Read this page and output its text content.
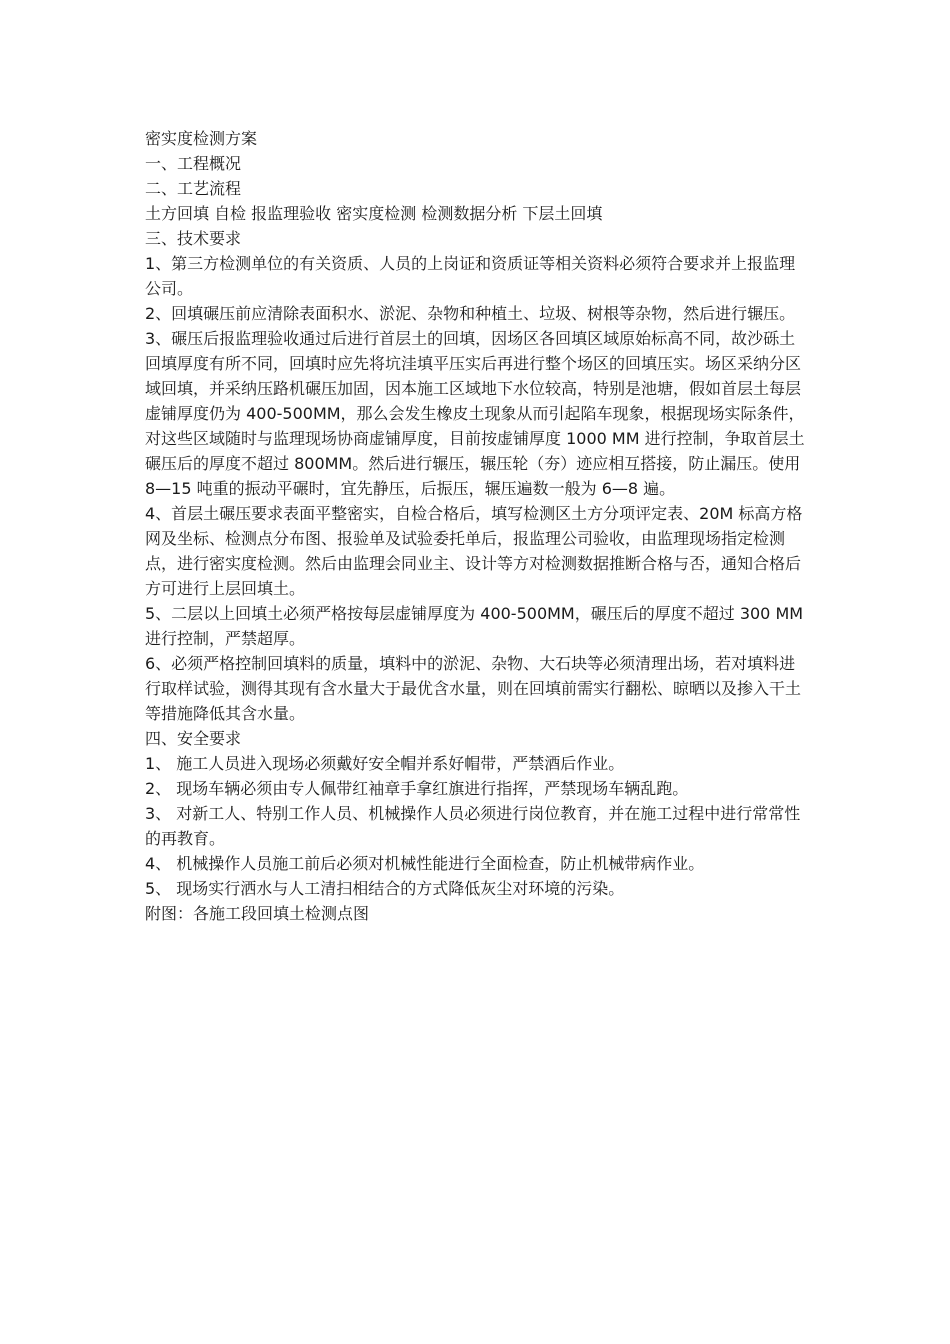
密实度检测方案

一、工程概况

二、工艺流程

土方回填 自检 报监理验收 密实度检测 检测数据分析 下层土回填

三、技术要求

1、第三方检测单位的有关资质、人员的上岗证和资质证等相关资料必须符合要求并上报监理公司。

2、回填碾压前应清除表面积水、淤泥、杂物和种植土、垃圾、树根等杂物，然后进行辗压。

3、碾压后报监理验收通过后进行首层土的回填，因场区各回填区域原始标高不同，故沙砾土回填厚度有所不同，回填时应先将坑洼填平压实后再进行整个场区的回填压实。场区采纳分区域回填，并采纳压路机碾压加固，因本施工区域地下水位较高，特别是池塘，假如首层土每层虚铺厚度仍为 400-500MM，那么会发生橡皮土现象从而引起陷车现象，根据现场实际条件，对这些区域随时与监理现场协商虚铺厚度，目前按虚铺厚度 1000 MM 进行控制，争取首层土碾压后的厚度不超过 800MM。然后进行辗压，辗压轮（夯）迹应相互搭接，防止漏压。使用 8—15 吨重的振动平碾时，宜先静压，后振压，辗压遍数一般为 6—8 遍。

4、首层土碾压要求表面平整密实，自检合格后，填写检测区土方分项评定表、20M 标高方格网及坐标、检测点分布图、报验单及试验委托单后，报监理公司验收，由监理现场指定检测点，进行密实度检测。然后由监理会同业主、设计等方对检测数据推断合格与否，通知合格后方可进行上层回填土。

5、二层以上回填土必须严格按每层虚铺厚度为 400-500MM，碾压后的厚度不超过 300 MM 进行控制，严禁超厚。

6、必须严格控制回填料的质量，填料中的淤泥、杂物、大石块等必须清理出场，若对填料进行取样试验，测得其现有含水量大于最优含水量，则在回填前需实行翻松、晾晒以及掺入干土等措施降低其含水量。

四、安全要求

1、 施工人员进入现场必须戴好安全帽并系好帽带，严禁酒后作业。

2、 现场车辆必须由专人佩带红袖章手拿红旗进行指挥，严禁现场车辆乱跑。

3、 对新工人、特别工作人员、机械操作人员必须进行岗位教育，并在施工过程中进行常常性的再教育。

4、 机械操作人员施工前后必须对机械性能进行全面检查，防止机械带病作业。

5、 现场实行洒水与人工清扫相结合的方式降低灰尘对环境的污染。

附图：各施工段回填土检测点图
